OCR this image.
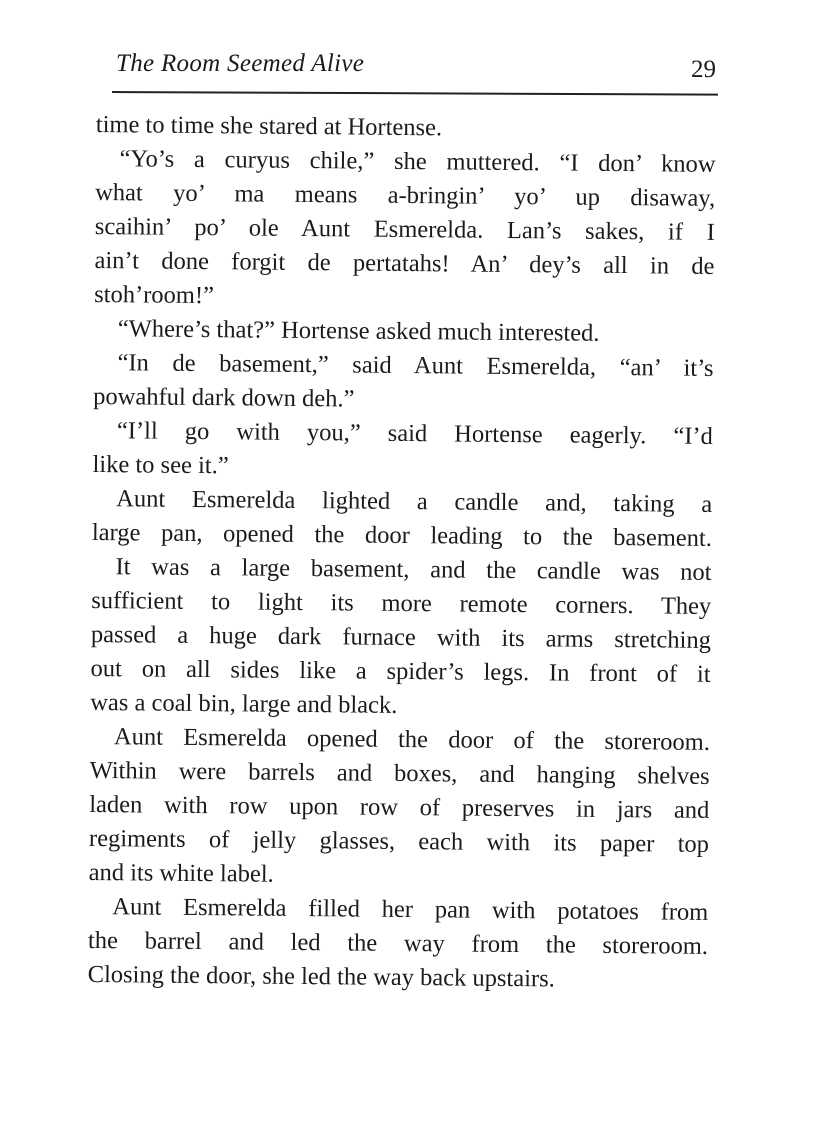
The Room Seemed Alive	29
time to time she stared at Hortense.
“Yo’s a curyus chile,” she muttered. “I don’ know
what yo’ ma means a-bringin’ yo’ up disaway,
scaihin’ po’ ole Aunt Esmerelda. Lan’s sakes, if I
ain’t done forgit de pertatahs! An’ dey’s all in de
stoh’room!”
“Where’s that?” Hortense asked much interested.
“In de basement,” said Aunt Esmerelda, “an’ it’s
powahful dark down deh.”
“I’ll go with you,” said Hortense eagerly. “I’d
like to see it.”
Aunt Esmerelda lighted a candle and, taking a
large pan, opened the door leading to the basement.
It was a large basement, and the candle was not
sufficient to light its more remote corners. They
passed a huge dark furnace with its arms stretching
out on all sides like a spider’s legs. In front of it
was a coal bin, large and black.
Aunt Esmerelda opened the door of the storeroom.
Within were barrels and boxes, and hanging shelves
laden with row upon row of preserves in jars and
regiments of jelly glasses, each with its paper top
and its white label.
Aunt Esmerelda filled her pan with potatoes from
the barrel and led the way from the storeroom.
Closing the door, she led the way back upstairs.
